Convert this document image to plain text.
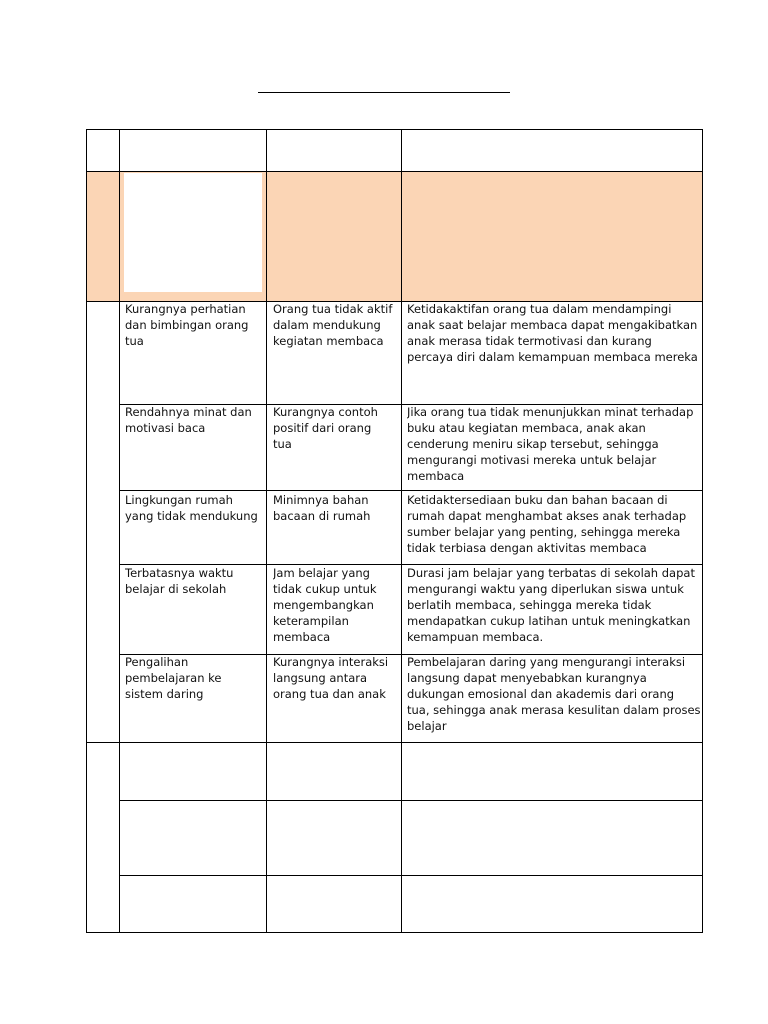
Kurangnya perhatian
dan bimbingan orang
tua
Orang tua tidak aktif
dalam mendukung
kegiatan membaca
Ketidakaktifan orang tua dalam mendampingi
anak saat belajar membaca dapat mengakibatkan
anak merasa tidak termotivasi dan kurang
percaya diri dalam kemampuan membaca mereka
Rendahnya minat dan
motivasi baca
Kurangnya contoh
positif dari orang
tua
Jika orang tua tidak menunjukkan minat terhadap
buku atau kegiatan membaca, anak akan
cenderung meniru sikap tersebut, sehingga
mengurangi motivasi mereka untuk belajar
membaca
Lingkungan rumah
yang tidak mendukung
Minimnya bahan
bacaan di rumah
Ketidaktersediaan buku dan bahan bacaan di
rumah dapat menghambat akses anak terhadap
sumber belajar yang penting, sehingga mereka
tidak terbiasa dengan aktivitas membaca
Terbatasnya waktu
belajar di sekolah
Jam belajar yang
tidak cukup untuk
mengembangkan
keterampilan
membaca
Durasi jam belajar yang terbatas di sekolah dapat
mengurangi waktu yang diperlukan siswa untuk
berlatih membaca, sehingga mereka tidak
mendapatkan cukup latihan untuk meningkatkan
kemampuan membaca.
Pengalihan
pembelajaran ke
sistem daring
Kurangnya interaksi
langsung antara
orang tua dan anak
Pembelajaran daring yang mengurangi interaksi
langsung dapat menyebabkan kurangnya
dukungan emosional dan akademis dari orang
tua, sehingga anak merasa kesulitan dalam proses
belajar
